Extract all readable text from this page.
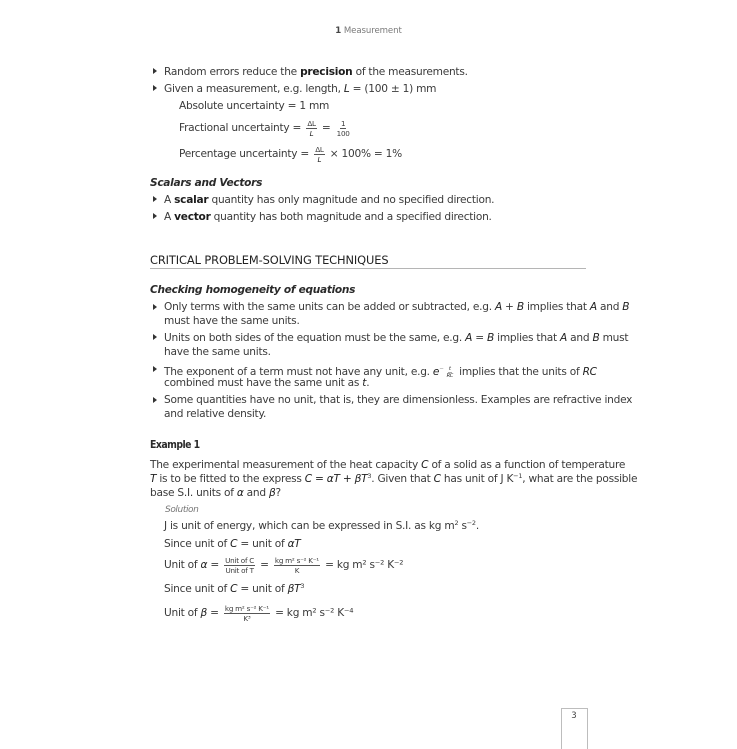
1 Measurement
Random errors reduce the precision of the measurements.
Given a measurement, e.g. length, L = (100 ± 1) mm
Absolute uncertainty = 1 mm
Fractional uncertainty = $\frac{\Delta L}{L} = \frac{1}{100}$
Percentage uncertainty = $\frac{\Delta L}{L} \times 100\% = 1\%$
Scalars and Vectors
A scalar quantity has only magnitude and no specified direction.
A vector quantity has both magnitude and a specified direction.
CRITICAL PROBLEM-SOLVING TECHNIQUES
Checking homogeneity of equations
Only terms with the same units can be added or subtracted, e.g. A + B implies that A and B
must have the same units.
Units on both sides of the equation must be the same, e.g. A = B implies that A and B must
have the same units.
The exponent of a term must not have any unit, e.g. $e^- \frac{t}{RC}$ implies that the units of RC
combined must have the same unit as t.
Some quantities have no unit, that is, they are dimensionless. Examples are refractive index
and relative density.
Example 1
The experimental measurement of the heat capacity C of a solid as a function of temperature
T is to be fitted to the express $C = \alpha T + \beta T^3$. Given that C has unit of J $K^{-1}$, what are the possible
base S.I. units of α and β?
Solution
J is unit of energy, which can be expressed in S.I. as kg $m^2$ $s^{-2}$.
Since unit of C = unit of αT
Unit of $\alpha = \frac{\text{Unit of C}}{\text{Unit of T}} = \frac{\text{kg m² s⁻² K⁻¹}}{K}$ = kg m² s⁻² K⁻²
Since unit of C = unit of $\beta T^3$
Unit of $\beta = \frac{\text{kg m² s⁻² K⁻¹}}{\text{K³}}$ = kg m² s⁻² K⁻⁴
3
